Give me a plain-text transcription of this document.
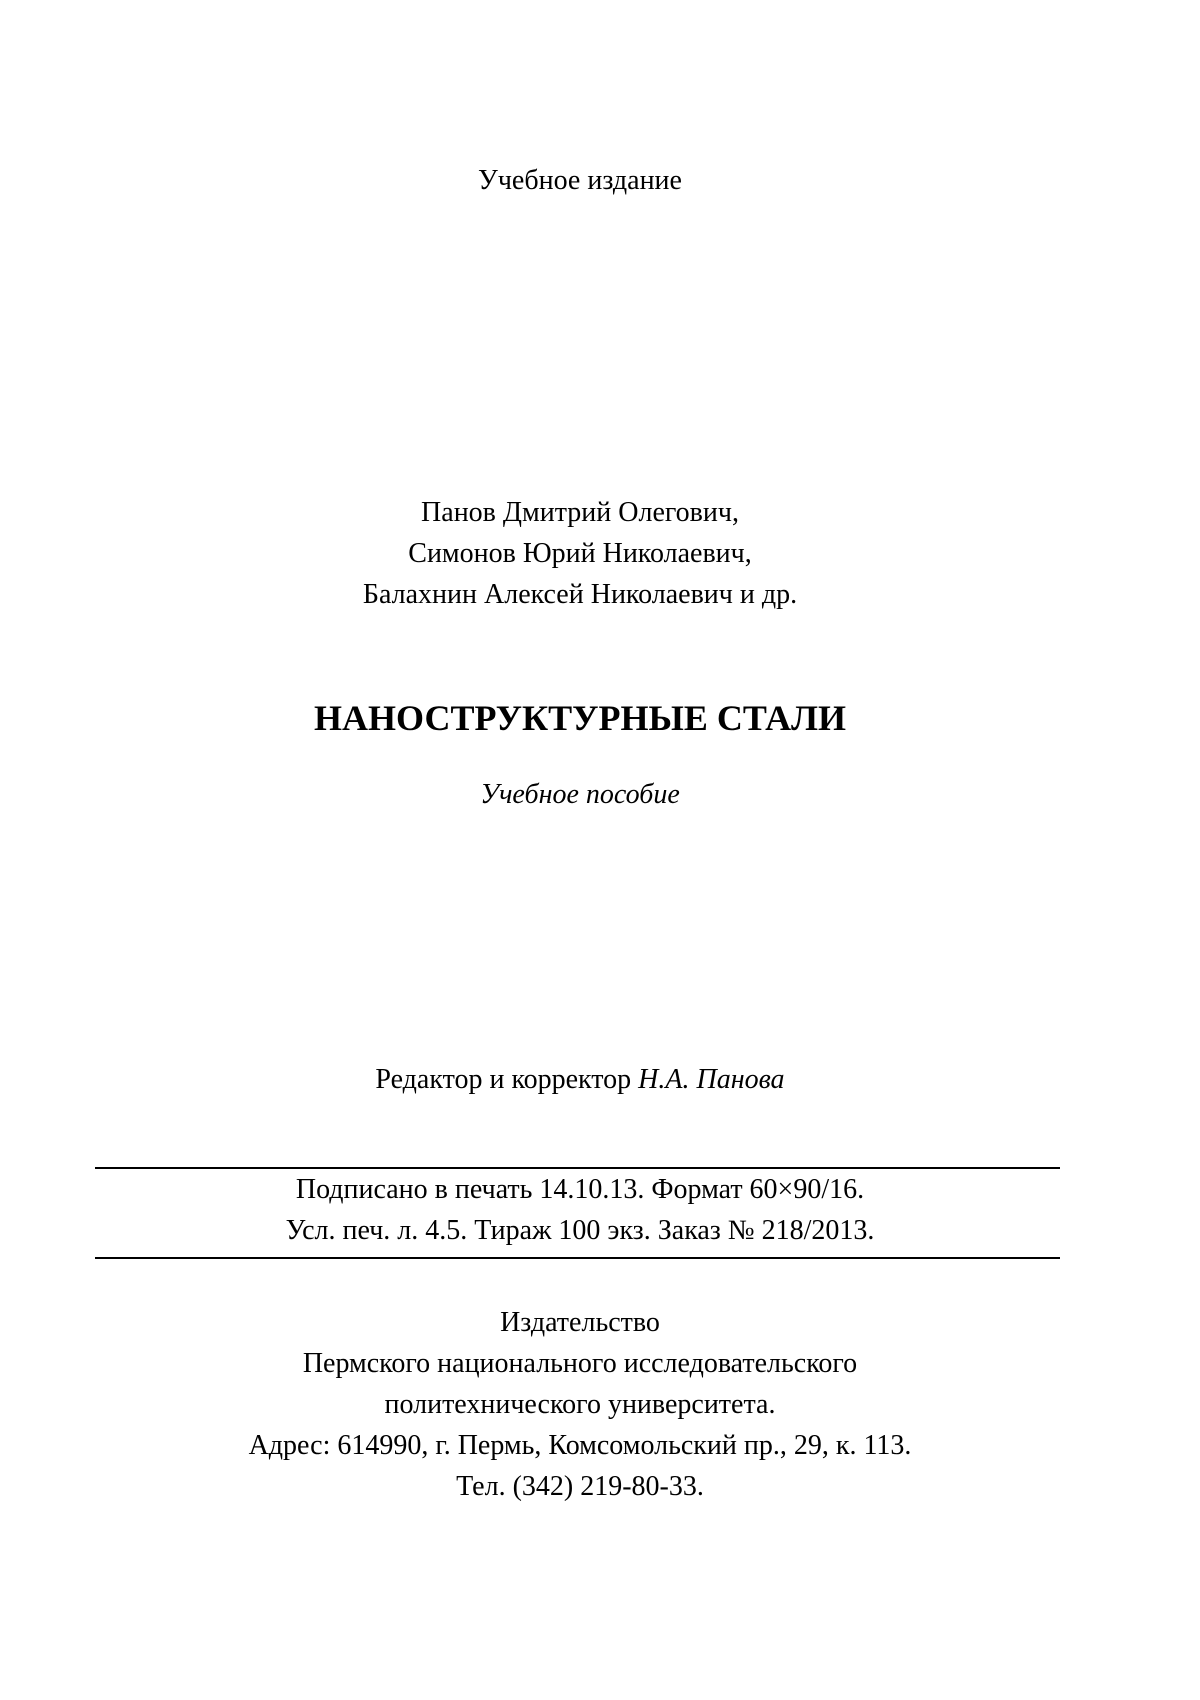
Учебное издание
Панов Дмитрий Олегович,
Симонов Юрий Николаевич,
Балахнин Алексей Николаевич и др.
НАНОСТРУКТУРНЫЕ СТАЛИ
Учебное пособие
Редактор и корректор Н.А. Панова
Подписано в печать 14.10.13. Формат 60×90/16.
Усл. печ. л. 4.5. Тираж 100 экз. Заказ № 218/2013.
Издательство
Пермского национального исследовательского
политехнического университета.
Адрес: 614990, г. Пермь, Комсомольский пр., 29, к. 113.
Тел. (342) 219-80-33.
